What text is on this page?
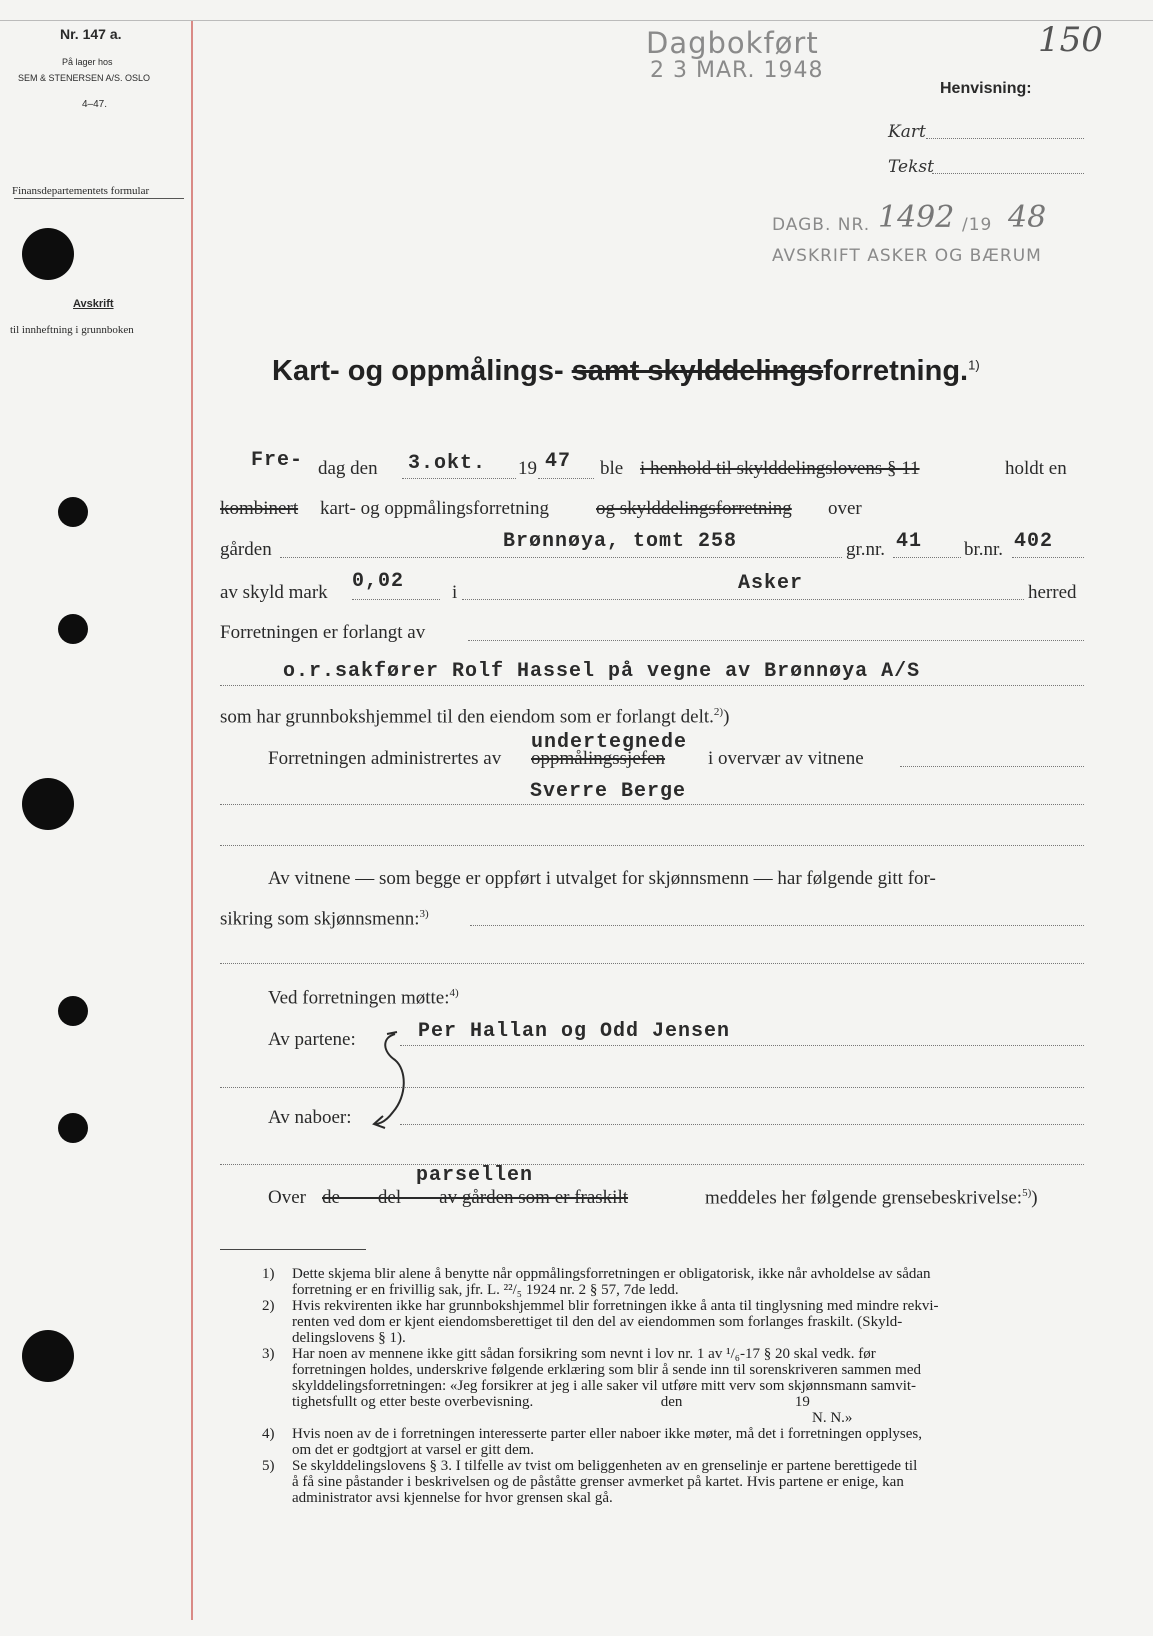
Nr. 147 a.
På lager hos
SEM & STENERSEN A/S. OSLO
4–47.
Finansdepartementets formular
Avskrift
til innheftning i grunnboken
Dagbokført
2 3 MAR. 1948
150
DAGB. NR. 1492 /19 48
AVSKRIFT ASKER OG BÆRUM
Henvisning:
Kart
Tekst
Kart- og oppmålings- samt skylddelingsforretning.$^{1)}$
Fre- dag den 3.okt. 19 47 ble i henhold til skylddelingslovens § 11	holdt en
kombinert kart- og oppmålingsforretning og skylddelingsforretning over
gården	Brønnøya, tomt 258	gr.nr. 41 br.nr. 402
av skyld mark 0,02	i	Asker	herred
Forretningen er forlangt av
o.r.sakfører Rolf Hassel på vegne av Brønnøya A/S
som har grunnbokshjemmel til den eiendom som er forlangt delt.$^{2)}$)
Forretningen administrertes av oppmålingssjefen
undertegnede
i overvær av vitnene
Sverre Berge
Av vitnene — som begge er oppført i utvalget for skjønnsmenn — har følgende gitt for-
sikring som skjønnsmenn:$^{3)}$
Ved forretningen møtte:$^{4)}$
Av partene:	Per Hallan og Odd Jensen
Av naboer:
Over de        del        av gården som er fraskilt
parsellen
meddeles her følgende grensebeskrivelse:$^{5)}$)
1)	Dette skjema blir alene å benytte når oppmålingsforretningen er obligatorisk, ikke når avholdelse av sådan
forretning er en frivillig sak, jfr. L. ²²/₅ 1924 nr. 2 § 57, 7de ledd.
2)	Hvis rekvirenten ikke har grunnbokshjemmel blir forretningen ikke å anta til tinglysning med mindre rekvi-
renten ved dom er kjent eiendomsberettiget til den del av eiendommen som forlanges fraskilt. (Skyld-
delingslovens § 1).
3)	Har noen av mennene ikke gitt sådan forsikring som nevnt i lov nr. 1 av ¹/₆-17 § 20 skal vedk. før
forretningen holdes, underskrive følgende erklæring som blir å sende inn til sorenskriveren sammen med
skylddelingsforretningen: «Jeg forsikrer at jeg i alle saker vil utføre mitt verv som skjønnsmann samvit-
tighetsfullt og etter beste overbevisning.                                  den                              19
N. N.»
4)	Hvis noen av de i forretningen interesserte parter eller naboer ikke møter, må det i forretningen opplyses,
om det er godtgjort at varsel er gitt dem.
5)	Se skylddelingslovens § 3. I tilfelle av tvist om beliggenheten av en grenselinje er partene berettigede til
å få sine påstander i beskrivelsen og de påståtte grenser avmerket på kartet. Hvis partene er enige, kan
administrator avsi kjennelse for hvor grensen skal gå.
